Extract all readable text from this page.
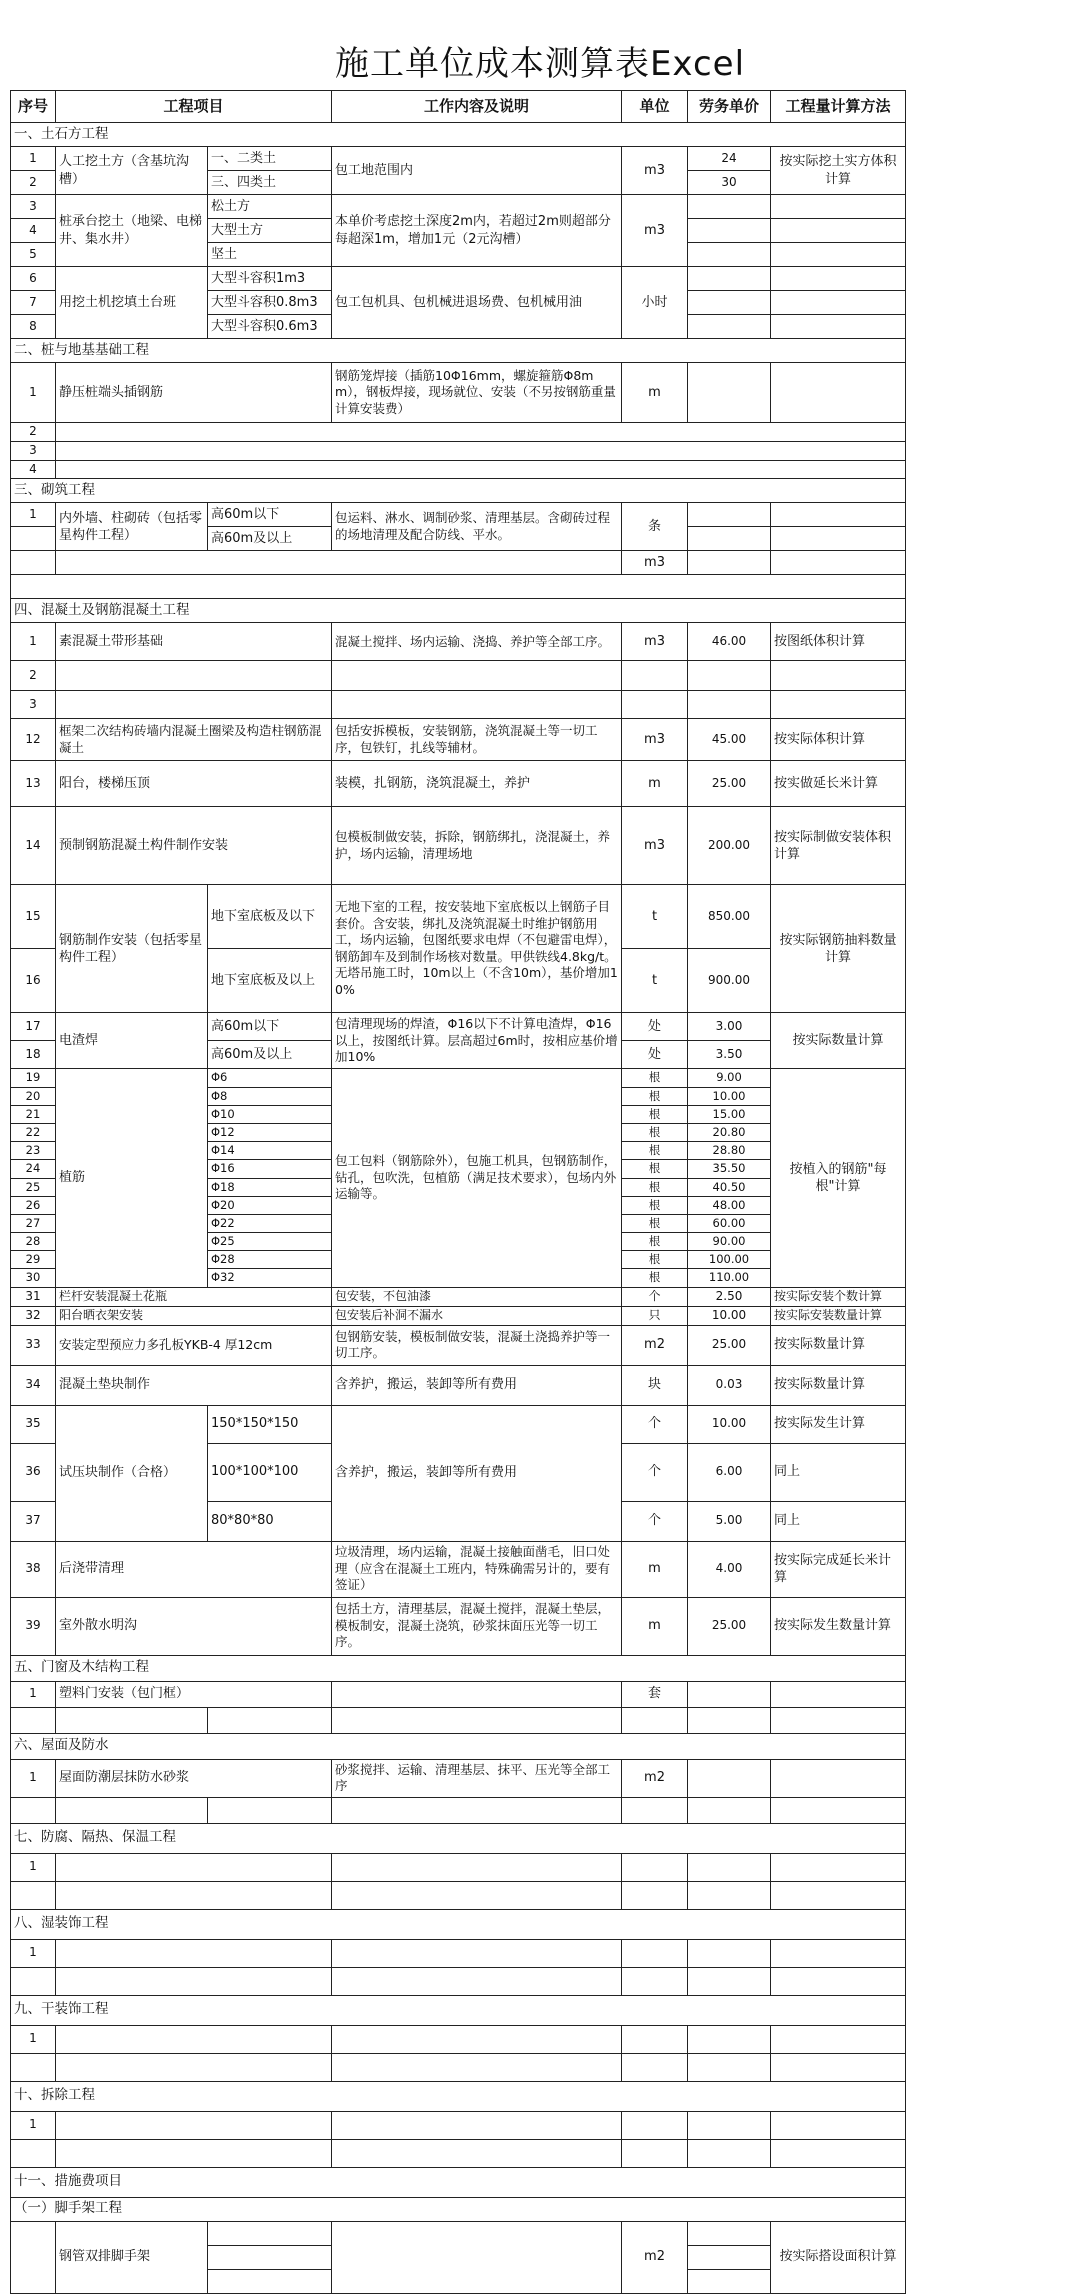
施工单位成本测算表Excel
序号	工程项目		工作内容及说明	单位	劳务单价	工程量计算方法
一、土石方工程						
1	人工挖土方（含基坑沟槽）	一、二类土	包工地范围内	m3	24	按实际挖土实方体积计算
2		三、四类土			30	
3	桩承台挖土（地梁、电梯井、集水井）	松土方	本单价考虑挖土深度2m内，若超过2m则超部分每超深1m，增加1元（2元沟槽）	m3		
4		大型土方				
5		坚土				
6	用挖土机挖填土台班	大型斗容积1m3	包工包机具、包机械进退场费、包机械用油	小时		
7		大型斗容积0.8m3				
8		大型斗容积0.6m3				
二、桩与地基基础工程						
1	静压桩端头插钢筋		钢筋笼焊接（插筋10Φ16mm，螺旋箍筋Φ8mm），钢板焊接，现场就位、安装（不另按钢筋重量计算安装费）	m		
2						
3						
4						
三、砌筑工程						
1	内外墙、柱砌砖（包括零星构件工程）	高60m以下	包运料、淋水、调制砂浆、清理基层。含砌砖过程的场地清理及配合防线、平水。	条		
		高60m及以上				
				m3		

四、混凝土及钢筋混凝土工程						
1	素混凝土带形基础		混凝土搅拌、场内运输、浇捣、养护等全部工序。	m3	46.00	按图纸体积计算
2						
3						
12	框架二次结构砖墙内混凝土圈梁及构造柱钢筋混凝土		包括安拆模板，安装钢筋，浇筑混凝土等一切工序，包铁钉，扎线等辅材。	m3	45.00	按实际体积计算
13	阳台，楼梯压顶		装模，扎钢筋，浇筑混凝土，养护	m	25.00	按实做延长米计算
14	预制钢筋混凝土构件制作安装		包模板制做安装，拆除，钢筋绑扎，浇混凝土，养护，场内运输，清理场地	m3	200.00	按实际制做安装体积计算
15	钢筋制作安装（包括零星构件工程）	地下室底板及以下	无地下室的工程，按安装地下室底板以上钢筋子目套价。含安装，绑扎及浇筑混凝土时维护钢筋用工，场内运输，包图纸要求电焊（不包避雷电焊），钢筋卸车及到制作场核对数量。甲供铁线4.8kg/t。无塔吊施工时，10m以上（不含10m），基价增加10%	t	850.00	按实际钢筋抽料数量计算
16		地下室底板及以上		t	900.00	
17	电渣焊	高60m以下	包清理现场的焊渣，Φ16以下不计算电渣焊，Φ16以上，按图纸计算。层高超过6m时，按相应基价增加10%	处	3.00	按实际数量计算
18		高60m及以上		处	3.50	
19	植筋	Φ6	包工包料（钢筋除外），包施工机具，包钢筋制作，钻孔，包吹洗，包植筋（满足技术要求），包场内外运输等。	根	9.00	按植入的钢筋"每根"计算
20		Φ8		根	10.00	
21		Φ10		根	15.00	
22		Φ12		根	20.80	
23		Φ14		根	28.80	
24		Φ16		根	35.50	
25		Φ18		根	40.50	
26		Φ20		根	48.00	
27		Φ22		根	60.00	
28		Φ25		根	90.00	
29		Φ28		根	100.00	
30		Φ32		根	110.00	
31	栏杆安装混凝土花瓶		包安装，不包油漆	个	2.50	按实际安装个数计算
32	阳台晒衣架安装		包安装后补洞不漏水	只	10.00	按实际安装数量计算
33	安装定型预应力多孔板YKB-4 厚12cm		包钢筋安装，模板制做安装，混凝土浇捣养护等一切工序。	m2	25.00	按实际数量计算
34	混凝土垫块制作		含养护，搬运，装卸等所有费用	块	0.03	按实际数量计算
35	试压块制作（合格）	150*150*150	含养护，搬运，装卸等所有费用	个	10.00	按实际发生计算
36		100*100*100		个	6.00	同上
37		80*80*80		个	5.00	同上
38	后浇带清理		垃圾清理，场内运输，混凝土接触面凿毛，旧口处理（应含在混凝土工班内，特殊确需另计的，要有签证）	m	4.00	按实际完成延长米计算
39	室外散水明沟		包括土方，清理基层，混凝土搅拌，混凝土垫层，模板制安，混凝土浇筑，砂浆抹面压光等一切工序。	m	25.00	按实际发生数量计算
五、门窗及木结构工程						
1	塑料门安装（包门框）			套		

六、屋面及防水						
1	屋面防潮层抹防水砂浆		砂浆搅拌、运输、清理基层、抹平、压光等全部工序	m2		

七、防腐、隔热、保温工程						
1						

八、湿装饰工程						
1						

九、干装饰工程						
1						

十、拆除工程						
1						

十一、措施费项目						
（一）脚手架工程						
	钢管双排脚手架			m2		按实际搭设面积计算
